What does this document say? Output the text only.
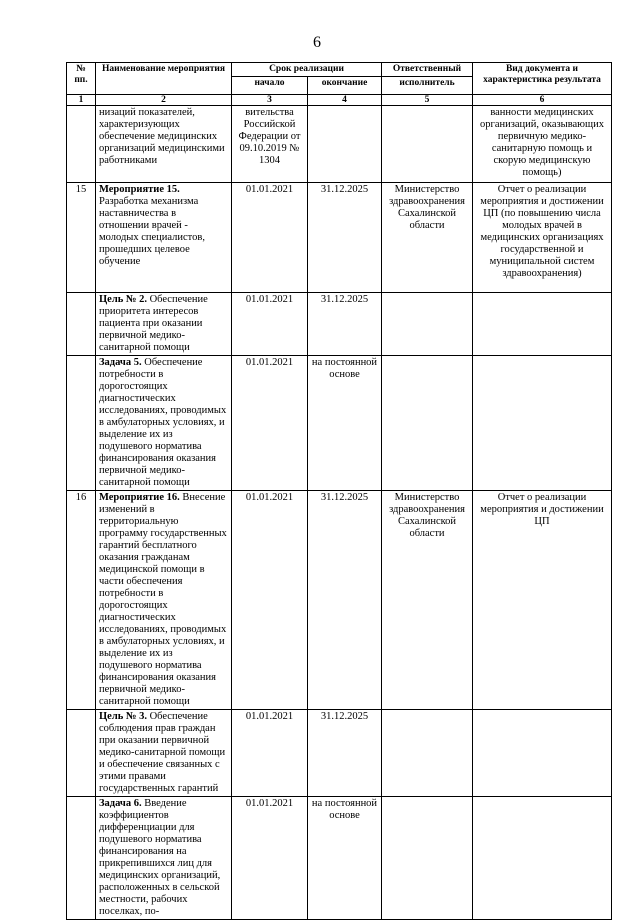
6
№ пп.	Наименование мероприятия	Срок реализации		Ответственный	Вид документа и характеристика результата
		начало	окончание	исполнитель	
1	2	3	4	5	6
	низаций показателей, характеризующих обеспечение медицинских организаций медицинскими работниками	вительства Российской Федерации от 09.10.2019 № 1304			ванности медицинских организаций, оказывающих первичную медико-санитарную помощь и скорую медицинскую помощь)
15	Мероприятие 15. Разработка механизма наставничества в отношении врачей - молодых специалистов, прошедших целевое обучение	01.01.2021	31.12.2025	Министерство здравоохранения Сахалинской области	Отчет о реализации мероприятия и достижении ЦП (по повышению числа молодых врачей в медицинских организациях государственной и муниципальной систем здравоохранения)
	Цель № 2. Обеспечение приоритета интересов пациента при оказании первичной медико-санитарной помощи	01.01.2021	31.12.2025		
	Задача 5. Обеспечение потребности в дорогостоящих диагностических исследованиях, проводимых в амбулаторных условиях, и выделение их из подушевого норматива финансирования оказания первичной медико-санитарной помощи	01.01.2021	на постоянной основе		
16	Мероприятие 16. Внесение изменений в территориальную программу государственных гарантий бесплатного оказания гражданам медицинской помощи в части обеспечения потребности в дорогостоящих диагностических исследованиях, проводимых в амбулаторных условиях, и выделение их из подушевого норматива финансирования оказания первичной медико-санитарной помощи	01.01.2021	31.12.2025	Министерство здравоохранения Сахалинской области	Отчет о реализации мероприятия и достижении ЦП
	Цель № 3. Обеспечение соблюдения прав граждан при оказании первичной медико-санитарной помощи и обеспечение связанных с этими правами государственных гарантий	01.01.2021	31.12.2025		
	Задача 6. Введение коэффициентов дифференциации для подушевого норматива финансирования на прикрепившихся лиц для медицинских организаций, расположенных в сельской местности, рабочих поселках, по-	01.01.2021	на постоянной основе		
